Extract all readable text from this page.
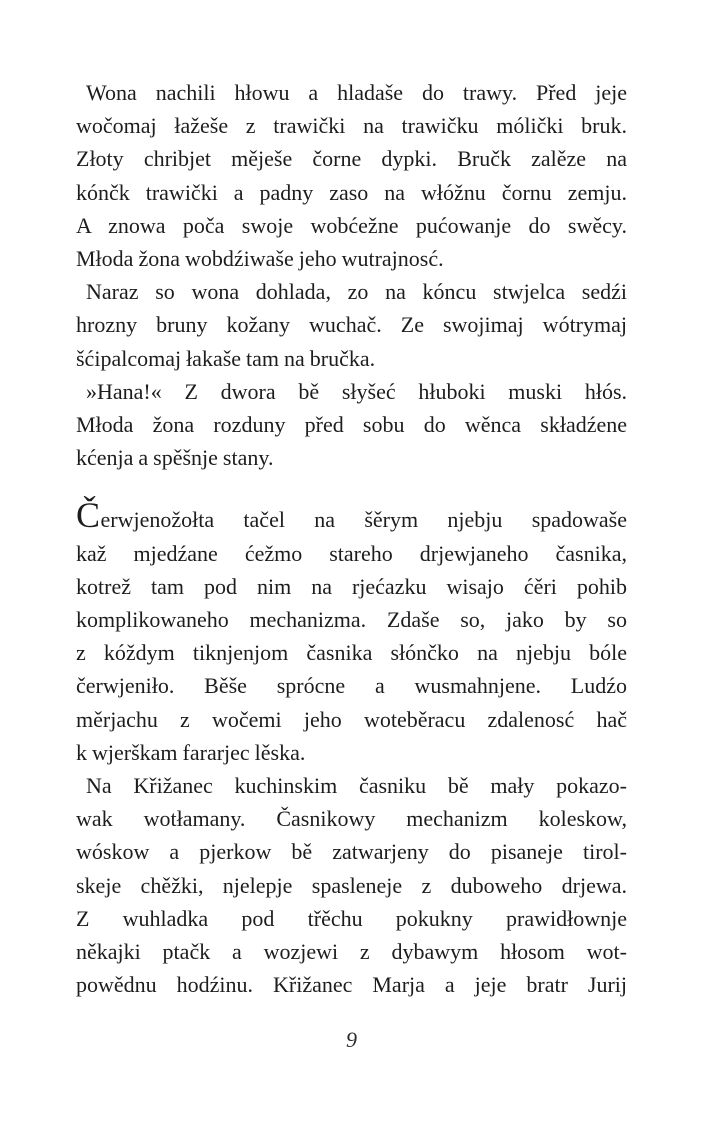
Wona nachili hłowu a hladaše do trawy. Před jeje
wočomaj łažeše z trawički na trawičku mólički bruk.
Złoty chribjet měješe čorne dypki. Bručk zalěze na
kónčk trawički a padny zaso na włóžnu čornu zemju.
A znowa poča swoje wobćežne pućowanje do swěcy.
Młoda žona wobdźiwaše jeho wutrajnosć.
Naraz so wona dohlada, zo na kóncu stwjelca sedźi
hrozny bruny kožany wuchač. Ze swojimaj wótrymaj
šćipalcomaj łakaše tam na bručka.
»Hana!« Z dwora bě słyšeć hłuboki muski hłós.
Młoda žona rozduny před sobu do wěnca składźene
kćenja a spěšnje stany.
Čerwjenožołta tačel na šěrym njebju spadowaše
kaž mjedźane ćežmo stareho drjewjaneho časnika,
kotrež tam pod nim na rjećazku wisajo ćěri pohib
komplikowaneho mechanizma. Zdaše so, jako by so
z kóždym tiknjenjom časnika słónčko na njebju bóle
čerwjeniło. Běše sprócne a wusmahnjene. Ludźo
měrjachu z wočemi jeho woteběracu zdalenosć hač
k wjerškam fararjec lěska.
Na Křižanec kuchinskim časniku bě mały pokazo-
wak wotłamany. Časnikowy mechanizm koleskow,
wóskow a pjerkow bě zatwarjeny do pisaneje tirol-
skeje chěžki, njelepje spasleneje z duboweho drjewa.
Z wuhladka pod třěchu pokukny prawidłownje
někajki ptačk a wozjewi z dybawym hłosom wot-
powědnu hodźinu. Křižanec Marja a jeje bratr Jurij
9
